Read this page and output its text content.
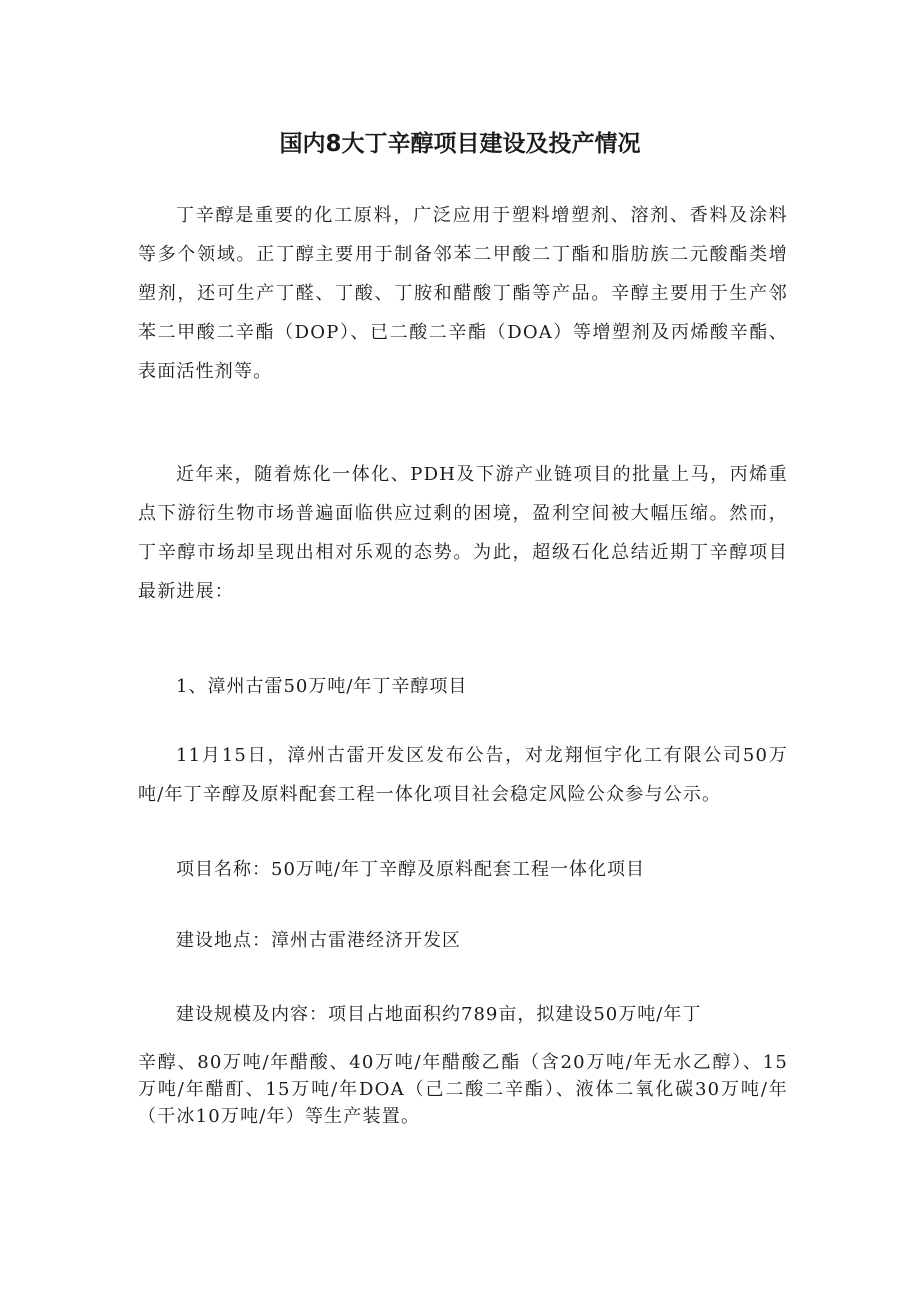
国内8大丁辛醇项目建设及投产情况

丁辛醇是重要的化工原料，广泛应用于塑料增塑剂、溶剂、香料及涂料等多个领域。正丁醇主要用于制备邻苯二甲酸二丁酯和脂肪族二元酸酯类增塑剂，还可生产丁醛、丁酸、丁胺和醋酸丁酯等产品。辛醇主要用于生产邻苯二甲酸二辛酯（DOP）、已二酸二辛酯（DOA）等增塑剂及丙烯酸辛酯、表面活性剂等。

近年来，随着炼化一体化、PDH及下游产业链项目的批量上马，丙烯重点下游衍生物市场普遍面临供应过剩的困境，盈利空间被大幅压缩。然而，丁辛醇市场却呈现出相对乐观的态势。为此，超级石化总结近期丁辛醇项目最新进展：

1、漳州古雷50万吨/年丁辛醇项目

11月15日，漳州古雷开发区发布公告，对龙翔恒宇化工有限公司50万吨/年丁辛醇及原料配套工程一体化项目社会稳定风险公众参与公示。

项目名称：50万吨/年丁辛醇及原料配套工程一体化项目

建设地点：漳州古雷港经济开发区

建设规模及内容：项目占地面积约789亩，拟建设50万吨/年丁

辛醇、80万吨/年醋酸、40万吨/年醋酸乙酯（含20万吨/年无水乙醇）、15万吨/年醋酊、15万吨/年DOA（己二酸二辛酯）、液体二氧化碳30万吨/年（干冰10万吨/年）等生产装置。
